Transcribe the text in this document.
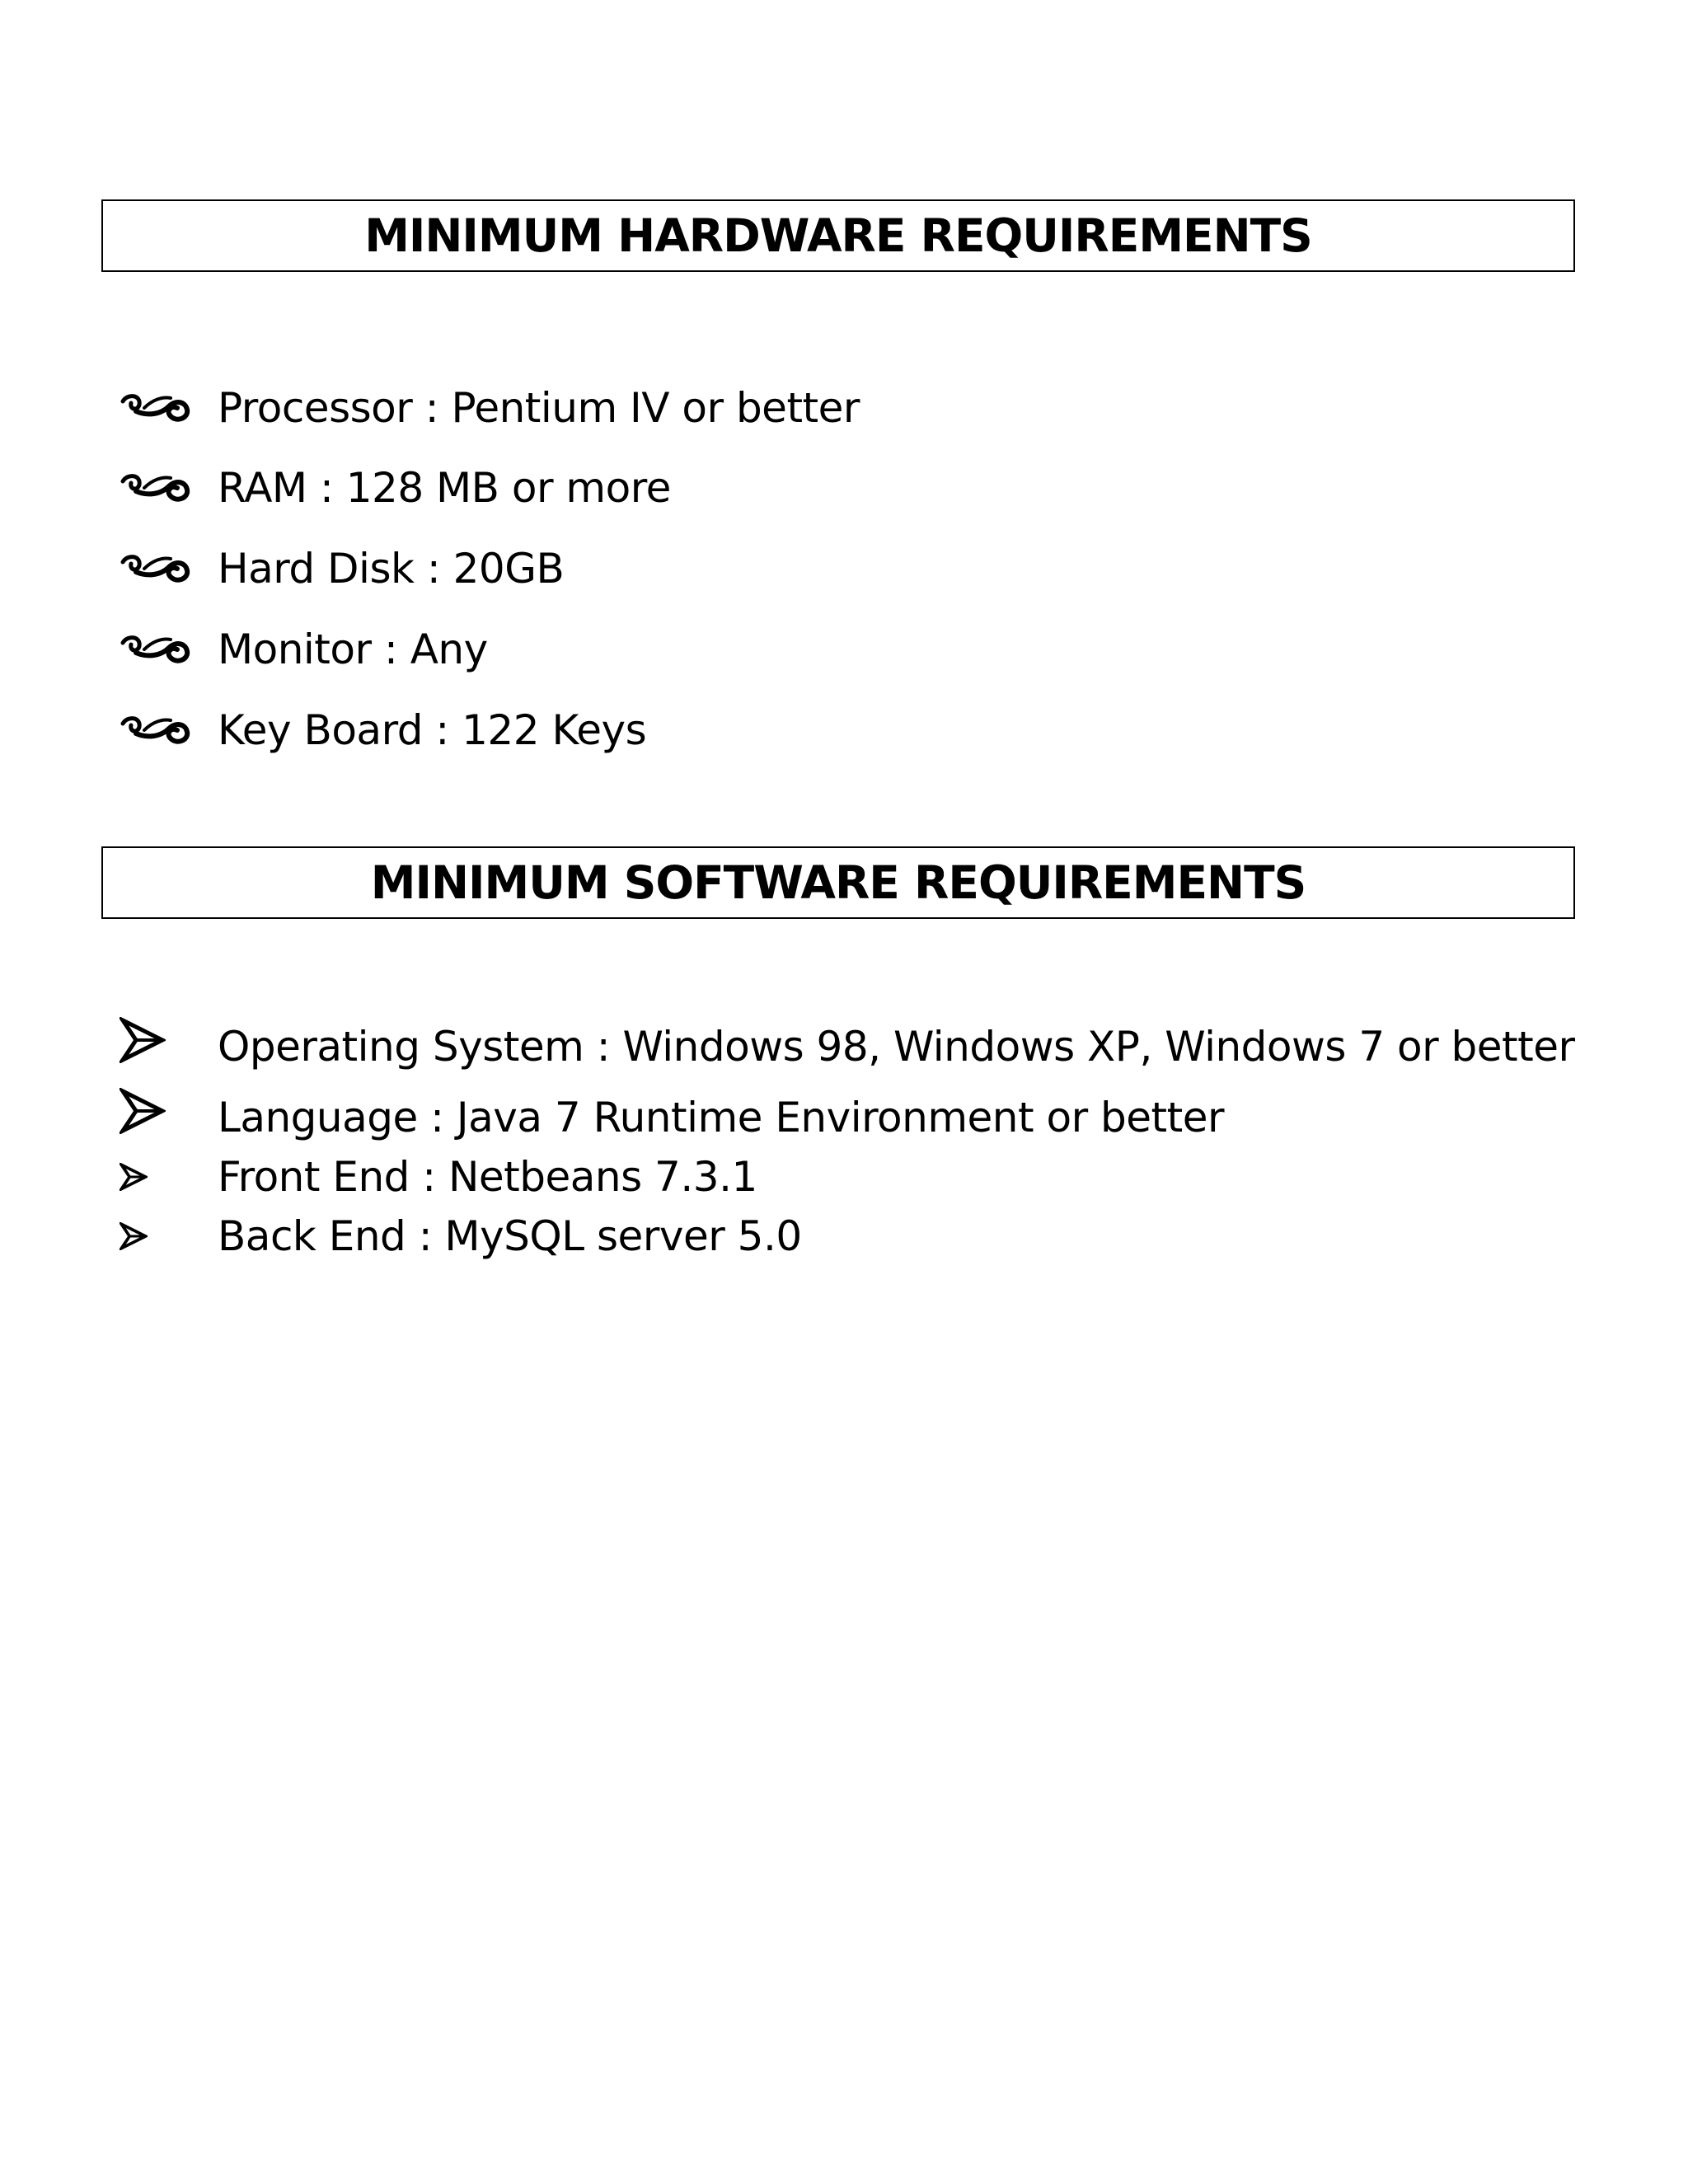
MINIMUM HARDWARE REQUIREMENTS
Processor : Pentium IV or better
RAM : 128 MB or more
Hard Disk : 20GB
Monitor : Any
Key Board : 122 Keys
MINIMUM SOFTWARE REQUIREMENTS
Operating System : Windows 98, Windows XP, Windows 7 or better
Language : Java 7 Runtime Environment or better
Front End : Netbeans 7.3.1
Back End : MySQL server 5.0
